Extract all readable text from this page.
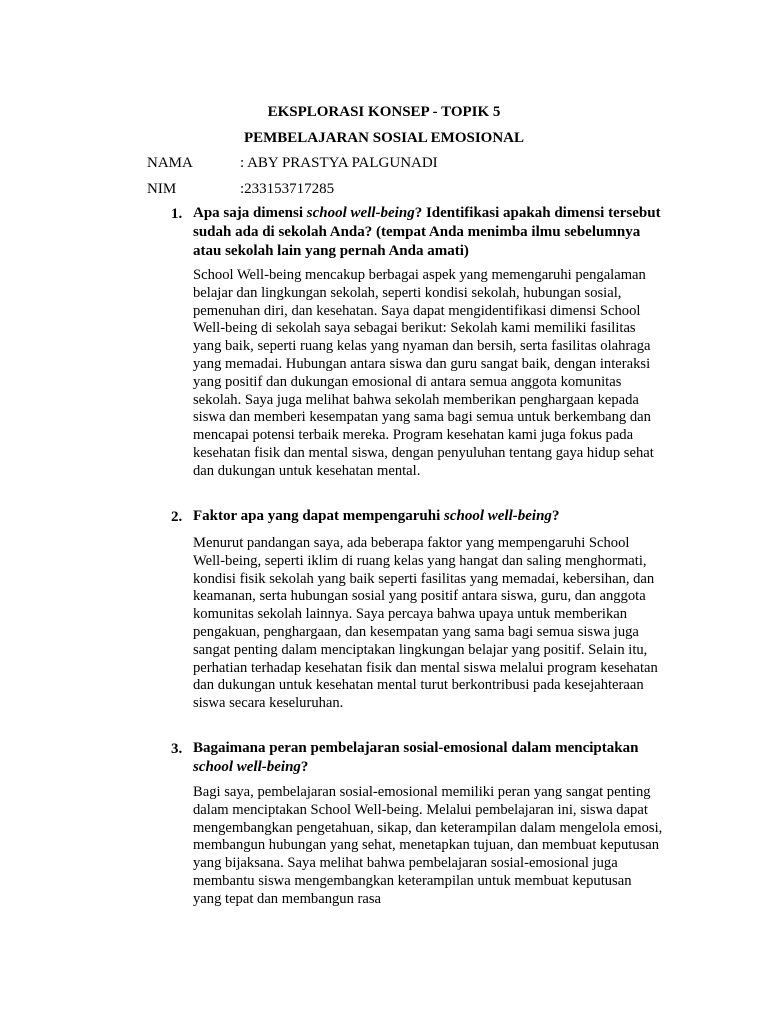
EKSPLORASI KONSEP - TOPIK 5
PEMBELAJARAN SOSIAL EMOSIONAL
NAMA	: ABY PRASTYA PALGUNADI
NIM	:233153717285
1. Apa saja dimensi school well-being? Identifikasi apakah dimensi tersebut sudah ada di sekolah Anda? (tempat Anda menimba ilmu sebelumnya atau sekolah lain yang pernah Anda amati)
School Well-being mencakup berbagai aspek yang memengaruhi pengalaman belajar dan lingkungan sekolah, seperti kondisi sekolah, hubungan sosial, pemenuhan diri, dan kesehatan. Saya dapat mengidentifikasi dimensi School Well-being di sekolah saya sebagai berikut: Sekolah kami memiliki fasilitas yang baik, seperti ruang kelas yang nyaman dan bersih, serta fasilitas olahraga yang memadai. Hubungan antara siswa dan guru sangat baik, dengan interaksi yang positif dan dukungan emosional di antara semua anggota komunitas sekolah. Saya juga melihat bahwa sekolah memberikan penghargaan kepada siswa dan memberi kesempatan yang sama bagi semua untuk berkembang dan mencapai potensi terbaik mereka. Program kesehatan kami juga fokus pada kesehatan fisik dan mental siswa, dengan penyuluhan tentang gaya hidup sehat dan dukungan untuk kesehatan mental.
2. Faktor apa yang dapat mempengaruhi school well-being?
Menurut pandangan saya, ada beberapa faktor yang mempengaruhi School Well-being, seperti iklim di ruang kelas yang hangat dan saling menghormati, kondisi fisik sekolah yang baik seperti fasilitas yang memadai, kebersihan, dan keamanan, serta hubungan sosial yang positif antara siswa, guru, dan anggota komunitas sekolah lainnya. Saya percaya bahwa upaya untuk memberikan pengakuan, penghargaan, dan kesempatan yang sama bagi semua siswa juga sangat penting dalam menciptakan lingkungan belajar yang positif. Selain itu, perhatian terhadap kesehatan fisik dan mental siswa melalui program kesehatan dan dukungan untuk kesehatan mental turut berkontribusi pada kesejahteraan siswa secara keseluruhan.
3. Bagaimana peran pembelajaran sosial-emosional dalam menciptakan school well-being?
Bagi saya, pembelajaran sosial-emosional memiliki peran yang sangat penting dalam menciptakan School Well-being. Melalui pembelajaran ini, siswa dapat mengembangkan pengetahuan, sikap, dan keterampilan dalam mengelola emosi, membangun hubungan yang sehat, menetapkan tujuan, dan membuat keputusan yang bijaksana. Saya melihat bahwa pembelajaran sosial-emosional juga membantu siswa mengembangkan keterampilan untuk membuat keputusan yang tepat dan membangun rasa
